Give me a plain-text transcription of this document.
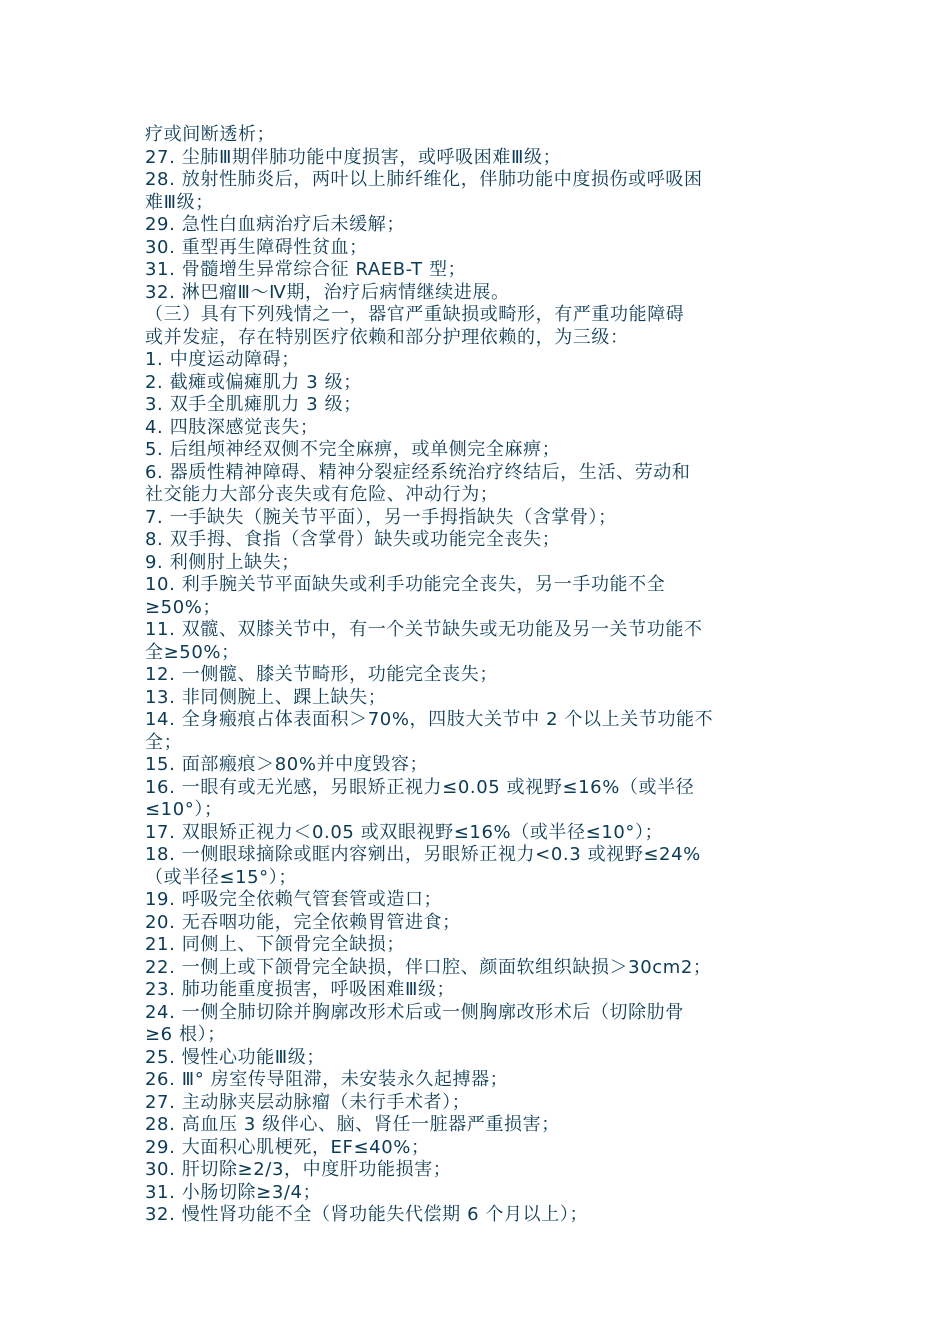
疗或间断透析；
27. 尘肺Ⅲ期伴肺功能中度损害，或呼吸困难Ⅲ级；
28. 放射性肺炎后，两叶以上肺纤维化，伴肺功能中度损伤或呼吸困
难Ⅲ级；
29. 急性白血病治疗后未缓解；
30. 重型再生障碍性贫血；
31. 骨髓增生异常综合征 RAEB-T 型；
32. 淋巴瘤Ⅲ～Ⅳ期，治疗后病情继续进展。
（三）具有下列残情之一，器官严重缺损或畸形，有严重功能障碍
或并发症，存在特别医疗依赖和部分护理依赖的，为三级：
1. 中度运动障碍；
2. 截瘫或偏瘫肌力 3 级；
3. 双手全肌瘫肌力 3 级；
4. 四肢深感觉丧失；
5. 后组颅神经双侧不完全麻痹，或单侧完全麻痹；
6. 器质性精神障碍、精神分裂症经系统治疗终结后，生活、劳动和
社交能力大部分丧失或有危险、冲动行为；
7. 一手缺失（腕关节平面），另一手拇指缺失（含掌骨）；
8. 双手拇、食指（含掌骨）缺失或功能完全丧失；
9. 利侧肘上缺失；
10. 利手腕关节平面缺失或利手功能完全丧失，另一手功能不全
≥50%；
11. 双髋、双膝关节中，有一个关节缺失或无功能及另一关节功能不
全≥50%；
12. 一侧髋、膝关节畸形，功能完全丧失；
13. 非同侧腕上、踝上缺失；
14. 全身瘢痕占体表面积＞70%，四肢大关节中 2 个以上关节功能不
全；
15. 面部瘢痕＞80%并中度毁容；
16. 一眼有或无光感，另眼矫正视力≤0.05 或视野≤16%（或半径
≤10°）；
17. 双眼矫正视力＜0.05 或双眼视野≤16%（或半径≤10°）；
18. 一侧眼球摘除或眶内容剜出，另眼矫正视力<0.3 或视野≤24%
（或半径≤15°）；
19. 呼吸完全依赖气管套管或造口；
20. 无吞咽功能，完全依赖胃管进食；
21. 同侧上、下颌骨完全缺损；
22. 一侧上或下颌骨完全缺损，伴口腔、颜面软组织缺损＞30cm2；
23. 肺功能重度损害，呼吸困难Ⅲ级；
24. 一侧全肺切除并胸廓改形术后或一侧胸廓改形术后（切除肋骨
≥6 根）；
25. 慢性心功能Ⅲ级；
26. Ⅲ° 房室传导阻滞，未安装永久起搏器；
27. 主动脉夹层动脉瘤（未行手术者）；
28. 高血压 3 级伴心、脑、肾任一脏器严重损害；
29. 大面积心肌梗死，EF≤40%；
30. 肝切除≥2/3，中度肝功能损害；
31. 小肠切除≥3/4；
32. 慢性肾功能不全（肾功能失代偿期 6 个月以上）；
